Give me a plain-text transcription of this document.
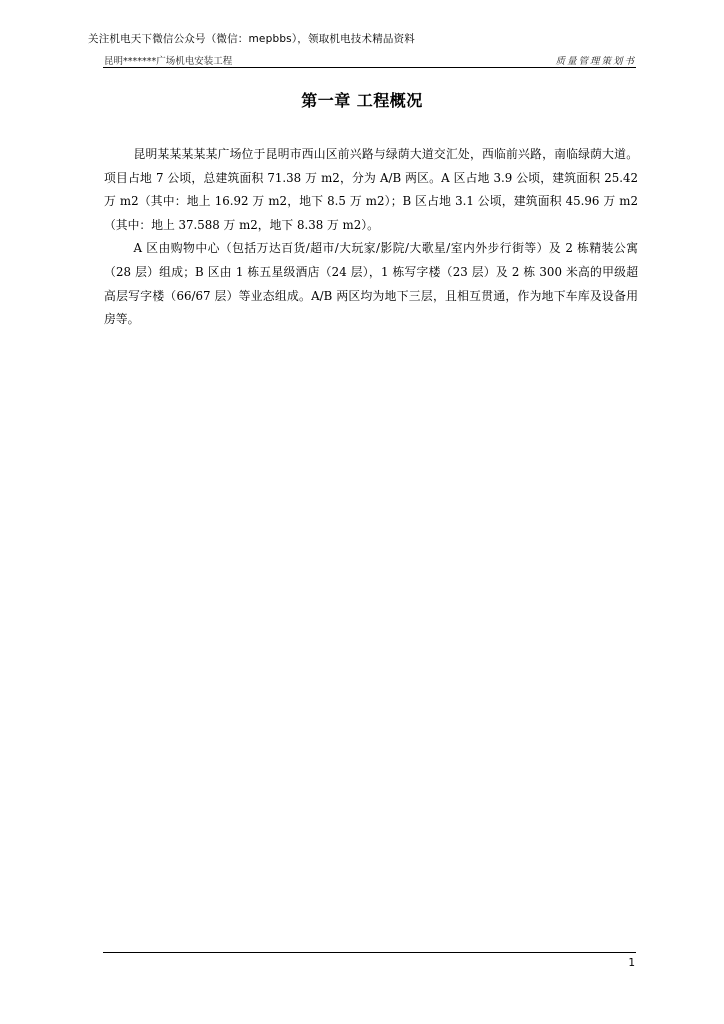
关注机电天下微信公众号（微信：mepbbs），领取机电技术精品资料
昆明*******广场机电安装工程	质量管理策划书
第一章 工程概况

昆明某某某某某广场位于昆明市西山区前兴路与绿荫大道交汇处，西临前兴路，南临绿荫大道。项目占地 7 公顷，总建筑面积 71.38 万 m2，分为 A/B 两区。A 区占地 3.9 公顷，建筑面积 25.42 万 m2（其中：地上 16.92 万 m2，地下 8.5 万 m2）；B 区占地 3.1 公顷，建筑面积 45.96 万 m2（其中：地上 37.588 万 m2，地下 8.38 万 m2）。

A 区由购物中心（包括万达百货/超市/大玩家/影院/大歌星/室内外步行街等）及 2 栋精装公寓（28 层）组成；B 区由 1 栋五星级酒店（24 层），1 栋写字楼（23 层）及 2 栋 300 米高的甲级超高层写字楼（66/67 层）等业态组成。A/B 两区均为地下三层，且相互贯通，作为地下车库及设备用房等。

1
